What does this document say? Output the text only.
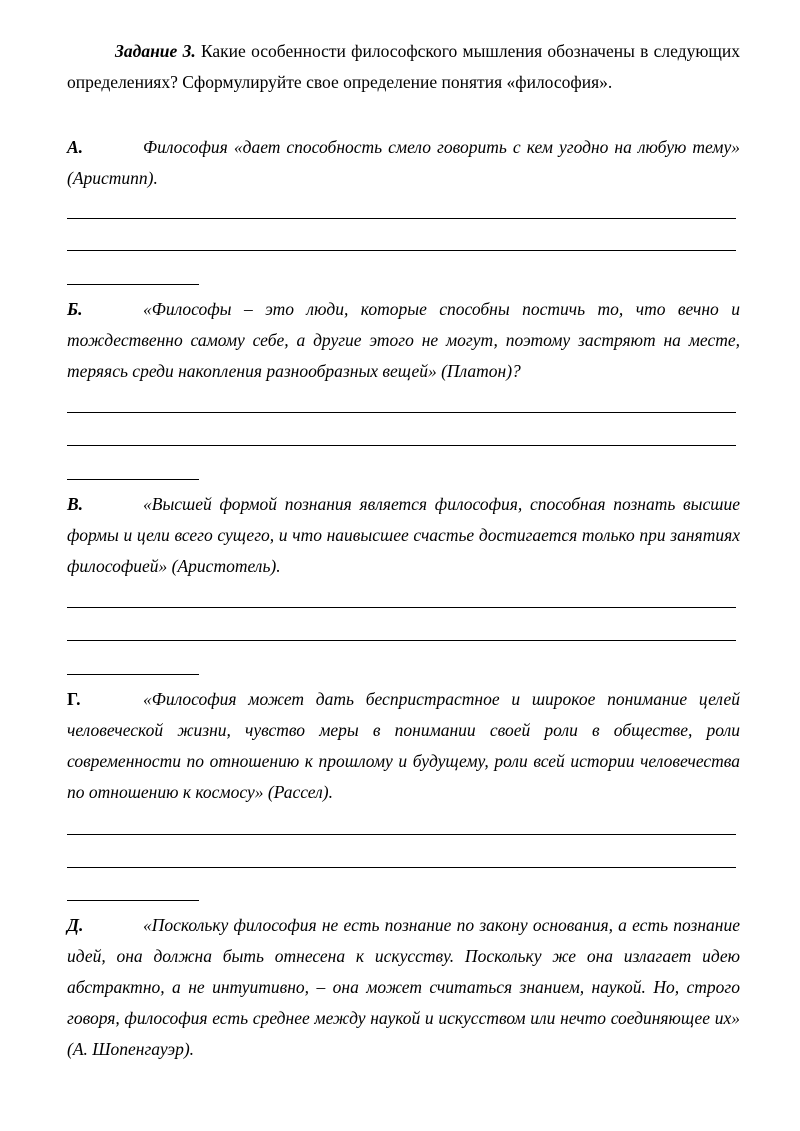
Задание 3. Какие особенности философского мышления обозначены в следующих определениях? Сформулируйте свое определение понятия «философия».

А.	Философия «дает способность смело говорить с кем угодно на любую тему» (Аристипп).

Б.	«Философы – это люди, которые способны постичь то, что вечно и тождественно самому себе, а другие этого не могут, поэтому застряют на месте, теряясь среди накопления разнообразных вещей» (Платон)?

В.	«Высшей формой познания является философия, способная познать высшие формы и цели всего сущего, и что наивысшее счастье достигается только при занятиях философией» (Аристотель).

Г.	«Философия может дать беспристрастное и широкое понимание целей человеческой жизни, чувство меры в понимании своей роли в обществе, роли современности по отношению к прошлому и будущему, роли всей истории человечества по отношению к космосу» (Рассел).

Д.	«Поскольку философия не есть познание по закону основания, а есть познание идей, она должна быть отнесена к искусству. Поскольку же она излагает идею абстрактно, а не интуитивно, – она может считаться знанием, наукой. Но, строго говоря, философия есть среднее между наукой и искусством или нечто соединяющее их» (А. Шопенгауэр).
